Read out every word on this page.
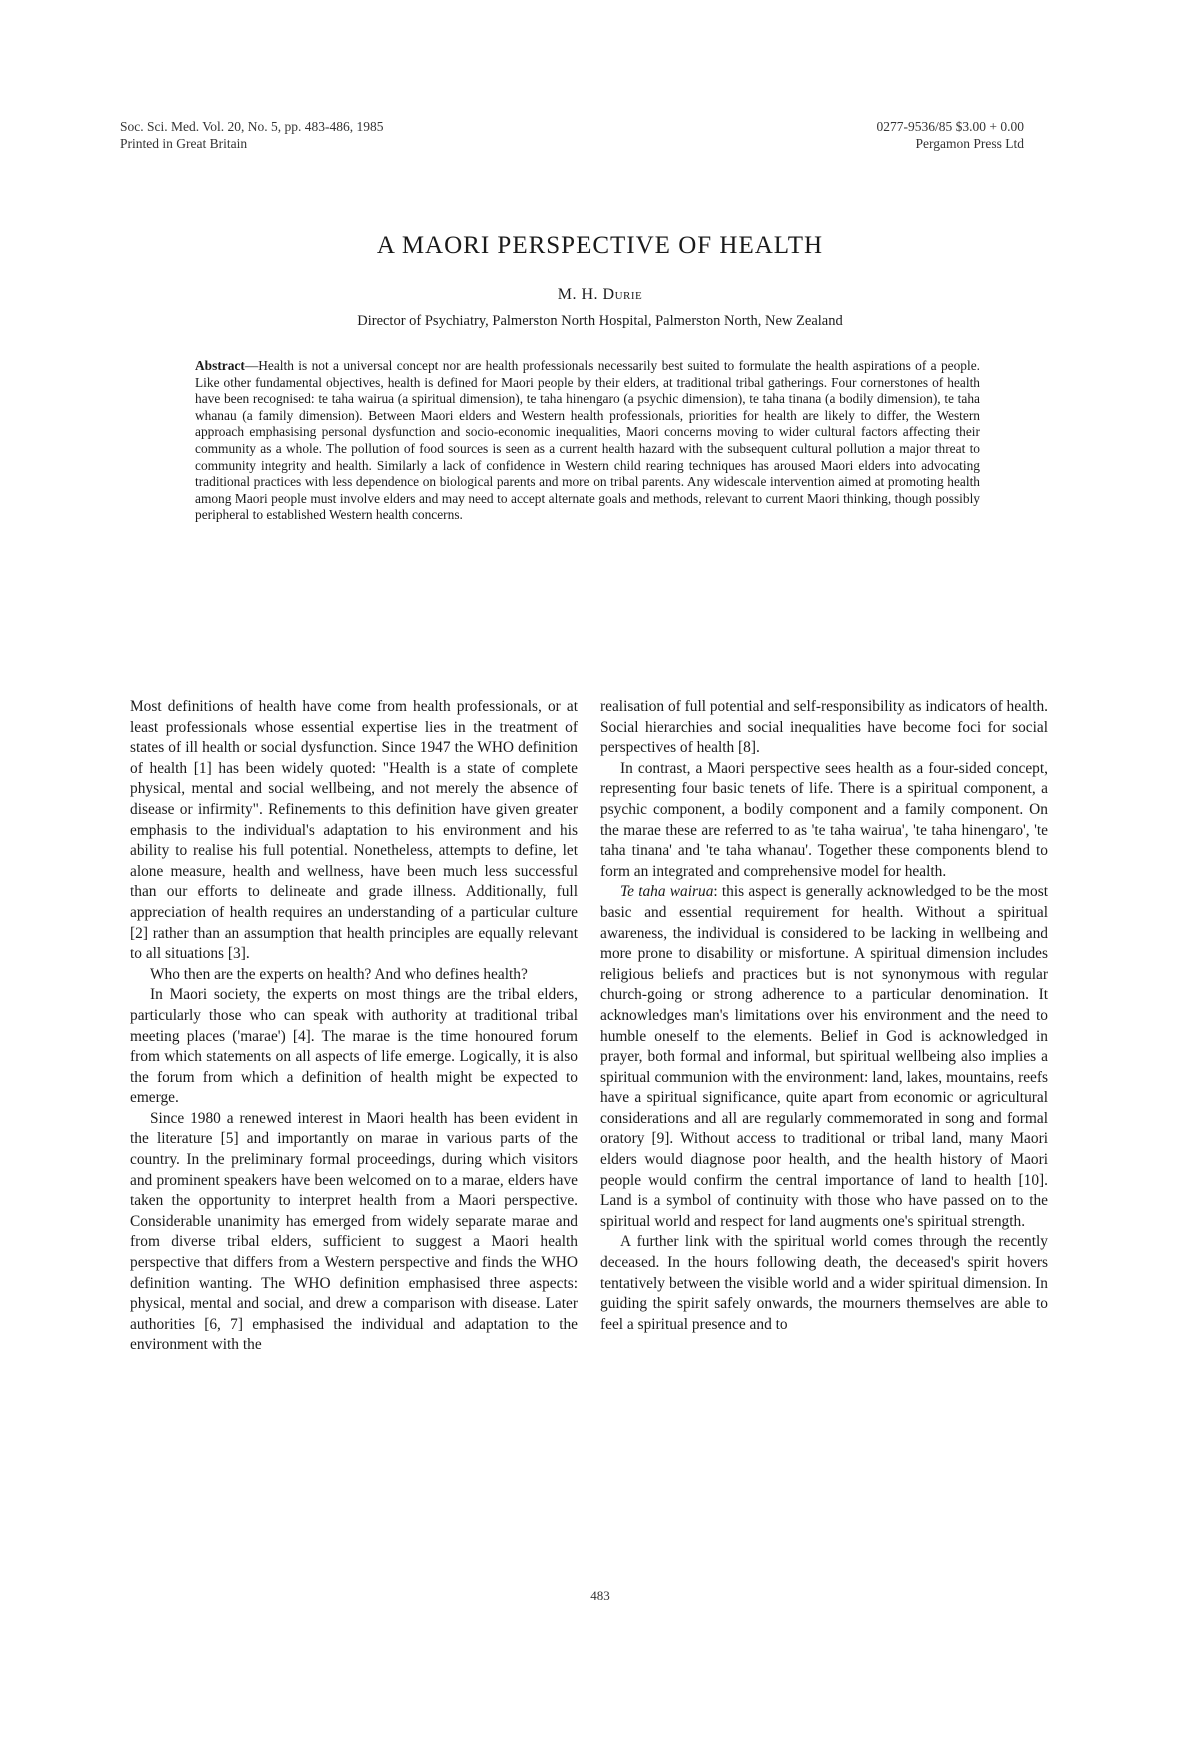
Soc. Sci. Med. Vol. 20, No. 5, pp. 483-486, 1985
Printed in Great Britain
0277-9536/85 $3.00 + 0.00
Pergamon Press Ltd
A MAORI PERSPECTIVE OF HEALTH
M. H. Durie
Director of Psychiatry, Palmerston North Hospital, Palmerston North, New Zealand
Abstract—Health is not a universal concept nor are health professionals necessarily best suited to formulate the health aspirations of a people. Like other fundamental objectives, health is defined for Maori people by their elders, at traditional tribal gatherings. Four cornerstones of health have been recognised: te taha wairua (a spiritual dimension), te taha hinengaro (a psychic dimension), te taha tinana (a bodily dimension), te taha whanau (a family dimension). Between Maori elders and Western health professionals, priorities for health are likely to differ, the Western approach emphasising personal dysfunction and socio-economic inequalities, Maori concerns moving to wider cultural factors affecting their community as a whole. The pollution of food sources is seen as a current health hazard with the subsequent cultural pollution a major threat to community integrity and health. Similarly a lack of confidence in Western child rearing techniques has aroused Maori elders into advocating traditional practices with less dependence on biological parents and more on tribal parents. Any widescale intervention aimed at promoting health among Maori people must involve elders and may need to accept alternate goals and methods, relevant to current Maori thinking, though possibly peripheral to established Western health concerns.

Most definitions of health have come from health professionals, or at least professionals whose essential expertise lies in the treatment of states of ill health or social dysfunction. Since 1947 the WHO definition of health [1] has been widely quoted: "Health is a state of complete physical, mental and social wellbeing, and not merely the absence of disease or infirmity". Refinements to this definition have given greater emphasis to the individual's adaptation to his environment and his ability to realise his full potential. Nonetheless, attempts to define, let alone measure, health and wellness, have been much less successful than our efforts to delineate and grade illness. Additionally, full appreciation of health requires an understanding of a particular culture [2] rather than an assumption that health principles are equally relevant to all situations [3].

Who then are the experts on health? And who defines health?

In Maori society, the experts on most things are the tribal elders, particularly those who can speak with authority at traditional tribal meeting places ('marae') [4]. The marae is the time honoured forum from which statements on all aspects of life emerge. Logically, it is also the forum from which a definition of health might be expected to emerge.

Since 1980 a renewed interest in Maori health has been evident in the literature [5] and importantly on marae in various parts of the country. In the preliminary formal proceedings, during which visitors and prominent speakers have been welcomed on to a marae, elders have taken the opportunity to interpret health from a Maori perspective. Considerable unanimity has emerged from widely separate marae and from diverse tribal elders, sufficient to suggest a Maori health perspective that differs from a Western perspective and finds the WHO definition wanting. The WHO definition emphasised three aspects: physical, mental and social, and drew a comparison with disease. Later authorities [6, 7] emphasised the individual and adaptation to the environment with the

realisation of full potential and self-responsibility as indicators of health. Social hierarchies and social inequalities have become foci for social perspectives of health [8].

In contrast, a Maori perspective sees health as a four-sided concept, representing four basic tenets of life. There is a spiritual component, a psychic component, a bodily component and a family component. On the marae these are referred to as 'te taha wairua', 'te taha hinengaro', 'te taha tinana' and 'te taha whanau'. Together these components blend to form an integrated and comprehensive model for health.

Te taha wairua: this aspect is generally acknowledged to be the most basic and essential requirement for health. Without a spiritual awareness, the individual is considered to be lacking in wellbeing and more prone to disability or misfortune. A spiritual dimension includes religious beliefs and practices but is not synonymous with regular church-going or strong adherence to a particular denomination. It acknowledges man's limitations over his environment and the need to humble oneself to the elements. Belief in God is acknowledged in prayer, both formal and informal, but spiritual wellbeing also implies a spiritual communion with the environment: land, lakes, mountains, reefs have a spiritual significance, quite apart from economic or agricultural considerations and all are regularly commemorated in song and formal oratory [9]. Without access to traditional or tribal land, many Maori elders would diagnose poor health, and the health history of Maori people would confirm the central importance of land to health [10]. Land is a symbol of continuity with those who have passed on to the spiritual world and respect for land augments one's spiritual strength.

A further link with the spiritual world comes through the recently deceased. In the hours following death, the deceased's spirit hovers tentatively between the visible world and a wider spiritual dimension. In guiding the spirit safely onwards, the mourners themselves are able to feel a spiritual presence and to

483
